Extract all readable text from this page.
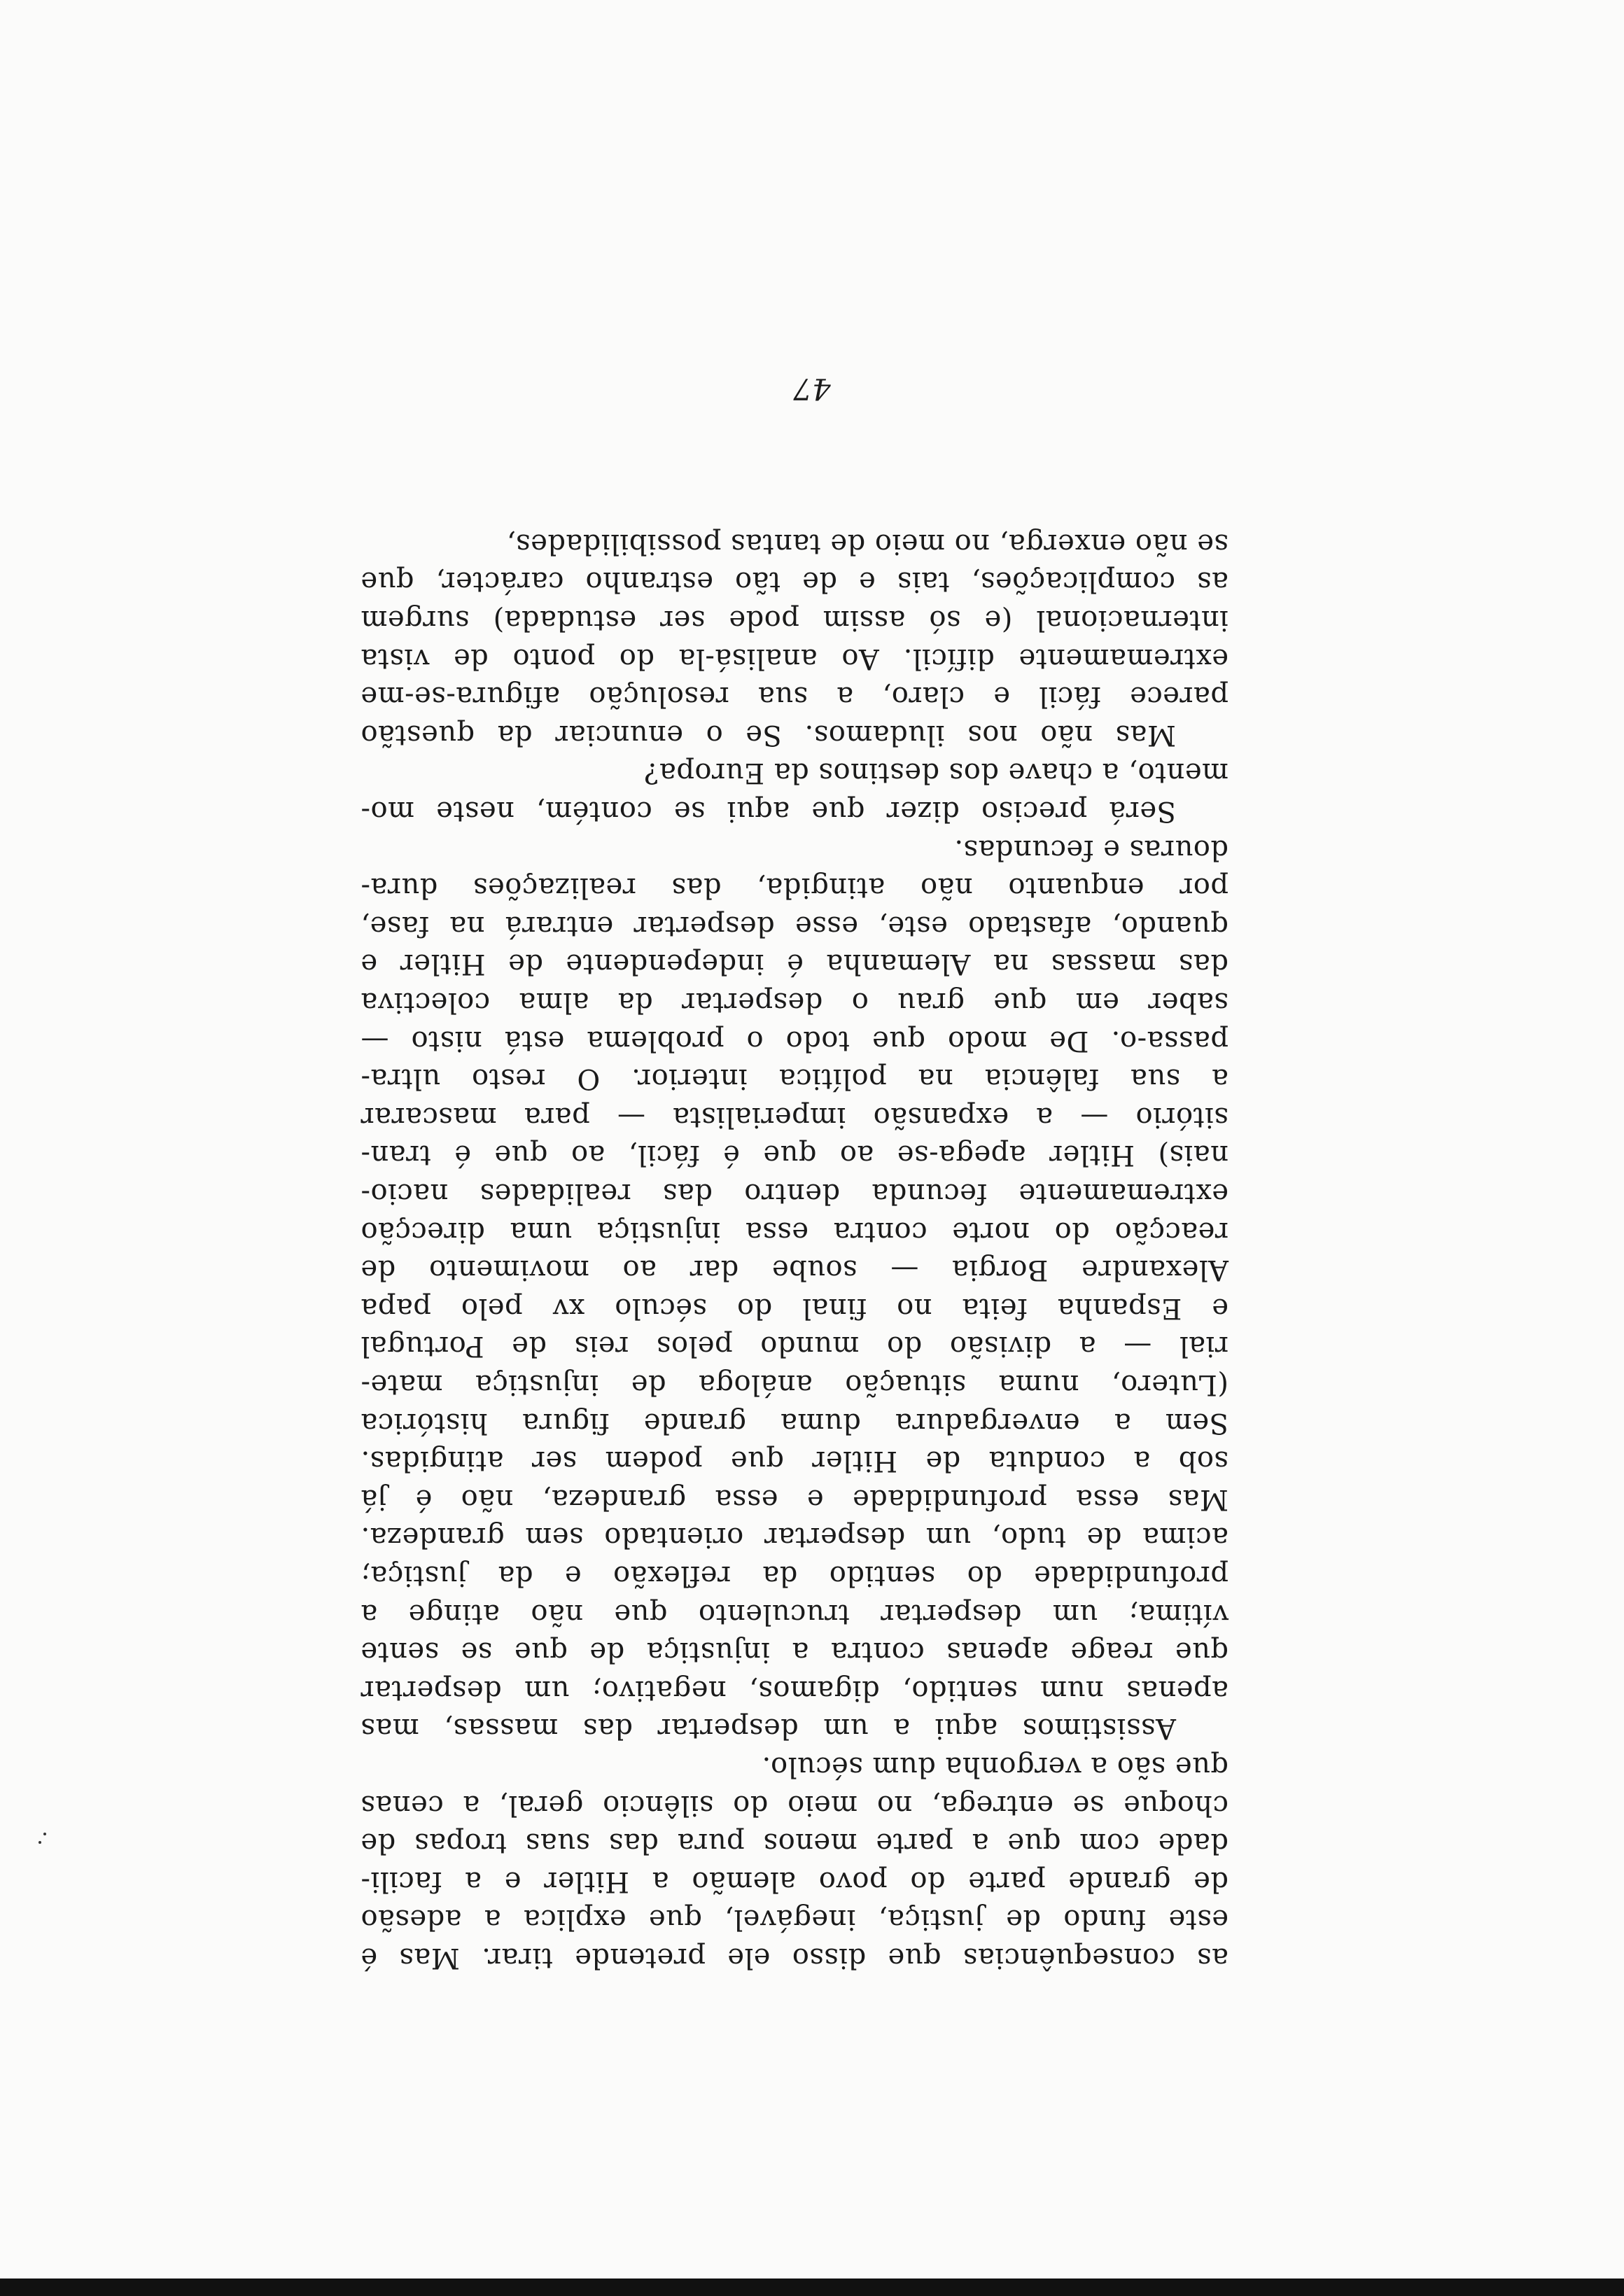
47
as consequências que disso ele pretende tirar. Mas é
este fundo de justiça, inegável, que explica a adesão
de grande parte do povo alemão a Hitler e a facili-
dade com que a parte menos pura das suas tropas de
choque se entrega, no meio do silêncio geral, a cenas
que são a vergonha dum século.
Assistimos aqui a um despertar das massas, mas
apenas num sentido, digamos, negativo; um despertar
que reage apenas contra a injustiça de que se sente
vítima; um despertar truculento que não atinge a
profundidade do sentido da reflexão e da justiça;
acima de tudo, um despertar orientado sem grandeza.
Mas essa profundidade e essa grandeza, não é já
sob a conduta de Hitler que podem ser atingidas.
Sem a envergadura duma grande figura histórica
(Lutero, numa situação análoga de injustiça mate-
rial — a divisão do mundo pelos reis de Portugal
e Espanha feita no final do século xv pelo papa
Alexandre Borgia — soube dar ao movimento de
reacção do norte contra essa injustiça uma direcção
extremamente fecunda dentro das realidades nacio-
nais) Hitler apega-se ao que é fácil, ao que é tran-
sitório — a expansão imperialista — para mascarar
a sua falência na política interior. O resto ultra-
passa-o. De modo que todo o problema está nisto —
saber em que grau o despertar da alma colectiva
das massas na Alemanha é independente de Hitler e
quando, afastado este, esse despertar entrará na fase,
por enquanto não atingida, das realizações dura-
douras e fecundas.
Será preciso dizer que aqui se contém, neste mo-
mento, a chave dos destinos da Europa?
Mas não nos iludamos. Se o enunciar da questão
parece fácil e claro, a sua resolução afigura-se-me
extremamente difícil. Ao analisá-la do ponto de vista
internacional (e só assim pode ser estudada) surgem
as complicações, tais e de tão estranho carácter, que
se não enxerga, no meio de tantas possibilidades,
